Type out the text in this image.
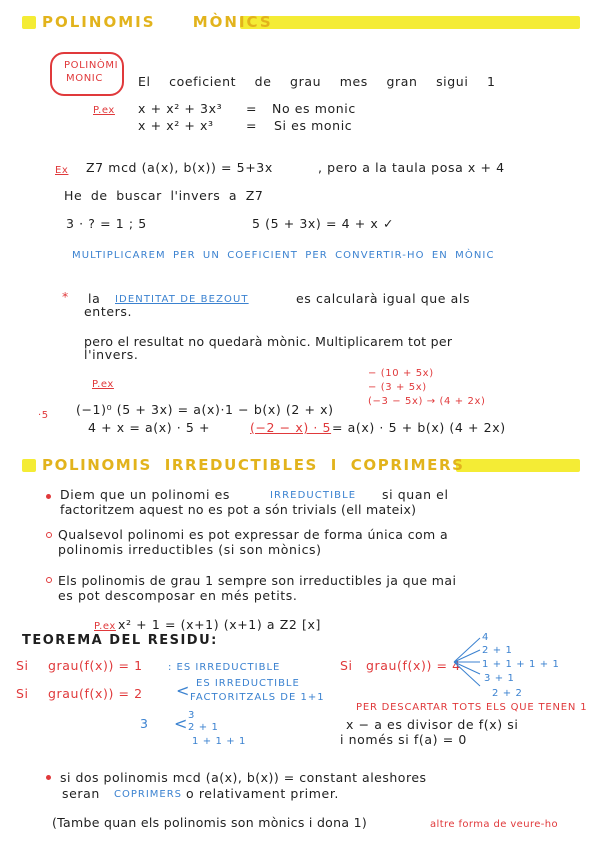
POLINOMIS MÒNICS
POLINÒMI
MONIC	El coeficient de grau mes gran sigui 1
P.ex x + x² + 3x³ = No es monic
x + x² + x³	= Si es monic
Ex Z7 mcd (a(x), b(x)) = 5+3x	, pero a la taula posa x + 4
He de buscar l'invers a Z7
3 · ? = 1 ; 5	5 (5 + 3x) = 4 + x ✓
MULTIPLICAREM PER UN COEFICIENT PER CONVERTIR-HO EN MÒNIC
* la IDENTITAT DE BEZOUT	es calcularà igual que als
enters.
pero el resultat no quedarà mònic. Multiplicarem tot per
l'invers.
P.ex
− (10 + 5x)
− (3 + 5x)
(−3 − 5x) → (4 + 2x)
·5 (−1)⁰ (5 + 3x) = a(x)·1 − b(x) (2 + x)
4 + x = a(x) · 5 +	(−2 − x) · 5 = a(x) · 5 + b(x) (4 + 2x)
POLINOMIS IRREDUCTIBLES I COPRIMERS
Diem que un polinomi es	IRREDUCTIBLE si quan el
factoritzem aquest no es pot a són trivials (ell mateix)
Qualsevol polinomi es pot expressar de forma única com a
polinomis irreductibles (si son mònics)
Els polinomis de grau 1 sempre son irreductibles ja que mai
es pot descomposar en més petits.
P.ex x² + 1 = (x+1) (x+1) a Z2 [x]
TEOREMA DEL RESIDU:
Si grau(f(x)) = 1	: ES IRREDUCTIBLE
Si grau(f(x)) = 2
ES IRREDUCTIBLE
< FACTORITZALS DE 1+1
3 < 3
2 + 1
1 + 1 + 1
Si grau(f(x)) = 4
4
2 + 1
1 + 1 + 1 + 1
3 + 1
2 + 2
PER DESCARTAR TOTS ELS QUE TENEN 1
x − a es divisor de f(x) si
i només si f(a) = 0
si dos polinomis mcd (a(x), b(x)) = constant aleshores
seran COPRIMERS o relativament primer.
(Tambe quan els polinomis son mònics i dona 1)	altre forma de veure-ho
